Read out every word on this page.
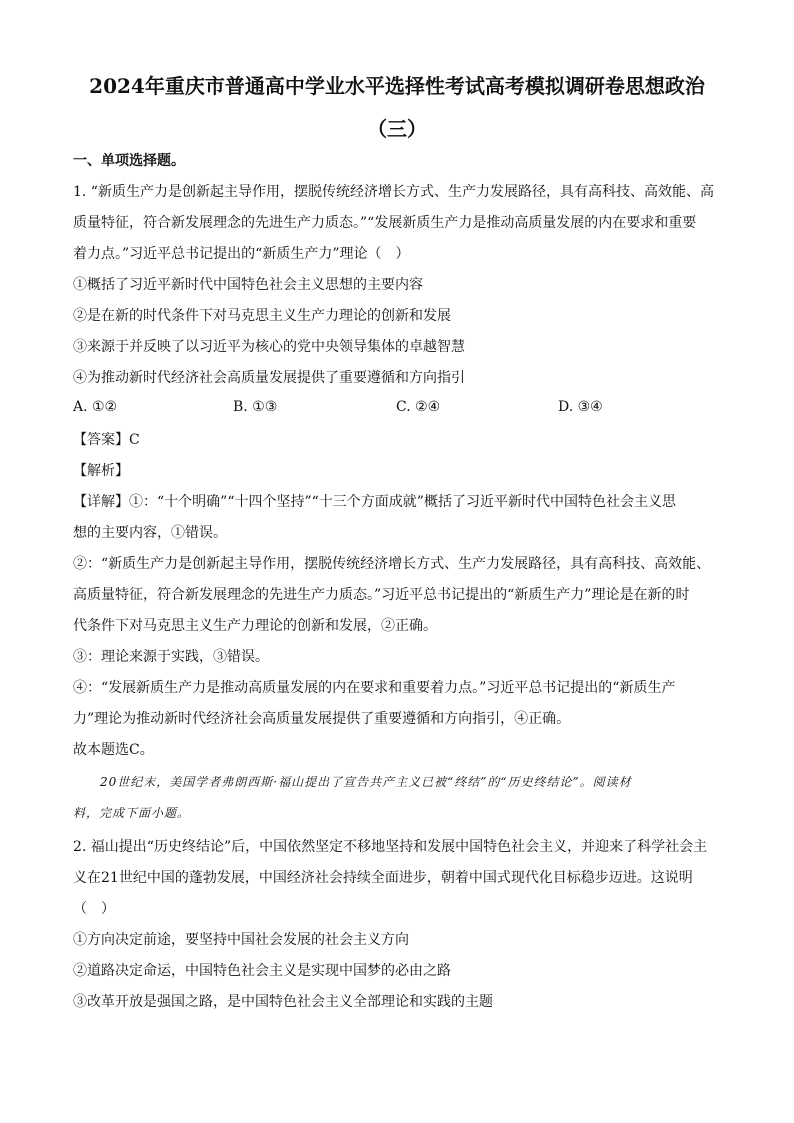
2024年重庆市普通高中学业水平选择性考试高考模拟调研卷思想政治
（三）
一、单项选择题。
1. “新质生产力是创新起主导作用，摆脱传统经济增长方式、生产力发展路径，具有高科技、高效能、高
质量特征，符合新发展理念的先进生产力质态。”“发展新质生产力是推动高质量发展的内在要求和重要
着力点。”习近平总书记提出的“新质生产力”理论（　）
①概括了习近平新时代中国特色社会主义思想的主要内容
②是在新的时代条件下对马克思主义生产力理论的创新和发展
③来源于并反映了以习近平为核心的党中央领导集体的卓越智慧
④为推动新时代经济社会高质量发展提供了重要遵循和方向指引
A. ①②	B. ①③	C. ②④	D. ③④
【答案】C
【解析】
【详解】①：“十个明确”“十四个坚持”“十三个方面成就”概括了习近平新时代中国特色社会主义思
想的主要内容，①错误。
②：“新质生产力是创新起主导作用，摆脱传统经济增长方式、生产力发展路径，具有高科技、高效能、
高质量特征，符合新发展理念的先进生产力质态。”习近平总书记提出的“新质生产力”理论是在新的时
代条件下对马克思主义生产力理论的创新和发展，②正确。
③：理论来源于实践，③错误。
④：“发展新质生产力是推动高质量发展的内在要求和重要着力点。”习近平总书记提出的“新质生产
力”理论为推动新时代经济社会高质量发展提供了重要遵循和方向指引，④正确。
故本题选C。
20世纪末，美国学者弗朗西斯·福山提出了宣告共产主义已被“终结”的“历史终结论”。阅读材
料，完成下面小题。
2. 福山提出“历史终结论”后，中国依然坚定不移地坚持和发展中国特色社会主义，并迎来了科学社会主
义在21世纪中国的蓬勃发展，中国经济社会持续全面进步，朝着中国式现代化目标稳步迈进。这说明
（　）
①方向决定前途，要坚持中国社会发展的社会主义方向
②道路决定命运，中国特色社会主义是实现中国梦的必由之路
③改革开放是强国之路，是中国特色社会主义全部理论和实践的主题
